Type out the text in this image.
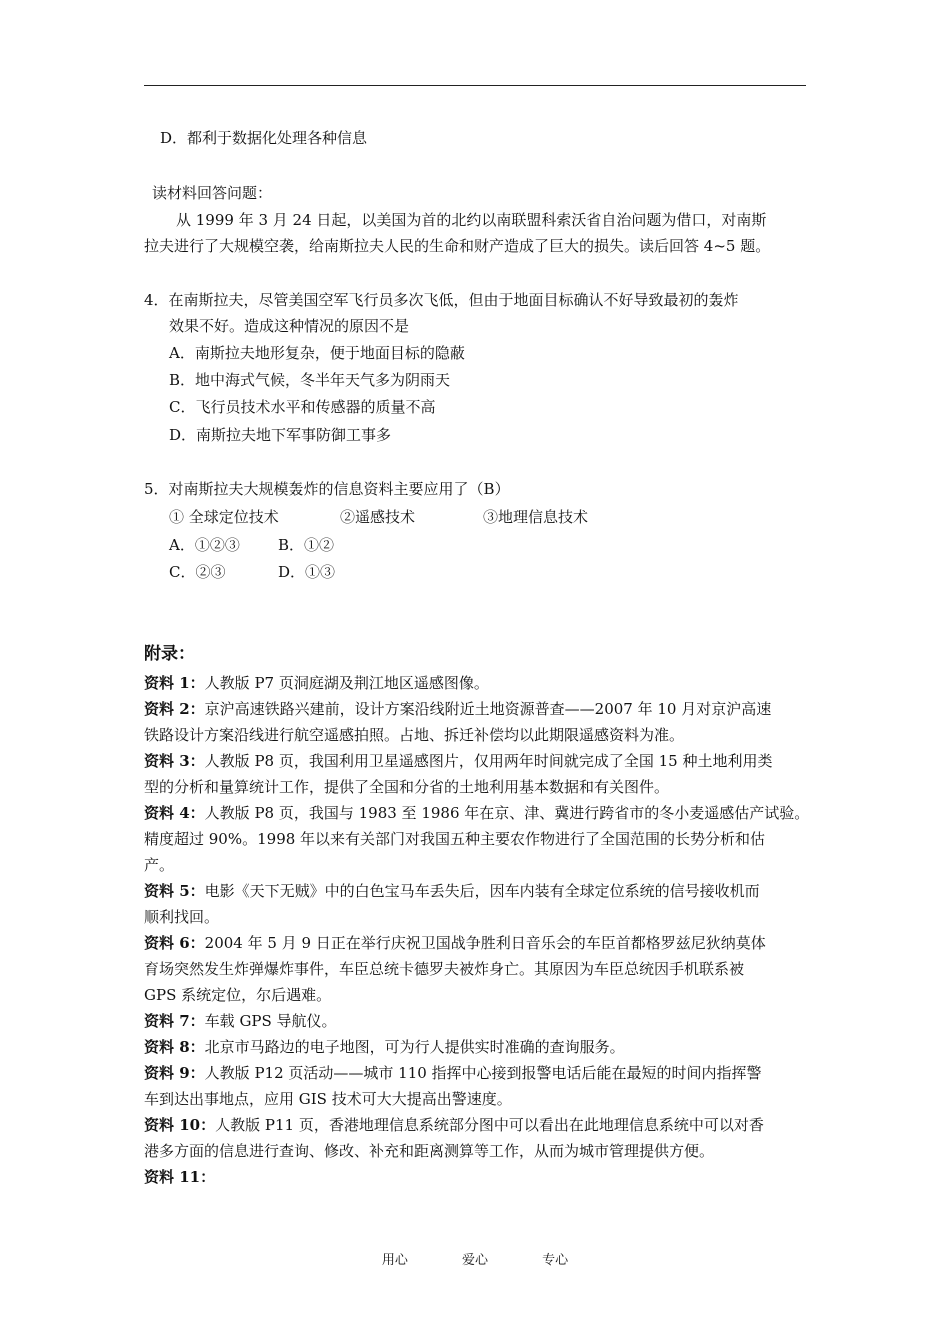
D．都利于数据化处理各种信息
读材料回答问题：
从 1999 年 3 月 24 日起，以美国为首的北约以南联盟科索沃省自治问题为借口，对南斯
拉夫进行了大规模空袭，给南斯拉夫人民的生命和财产造成了巨大的损失。读后回答 4~5 题。
4．在南斯拉夫，尽管美国空军飞行员多次飞低，但由于地面目标确认不好导致最初的轰炸
效果不好。造成这种情况的原因不是
A．南斯拉夫地形复杂，便于地面目标的隐蔽
B．地中海式气候，冬半年天气多为阴雨天
C．飞行员技术水平和传感器的质量不高
D．南斯拉夫地下军事防御工事多
5．对南斯拉夫大规模轰炸的信息资料主要应用了（B）
① 全球定位技术	②遥感技术	③地理信息技术
A．①②③	B．①②
C．②③	D．①③
附录：
资料 1：人教版 P7 页洞庭湖及荆江地区遥感图像。
资料 2：京沪高速铁路兴建前，设计方案沿线附近土地资源普查——2007 年 10 月对京沪高速
铁路设计方案沿线进行航空遥感拍照。占地、拆迁补偿均以此期限遥感资料为准。
资料 3：人教版 P8 页，我国利用卫星遥感图片，仅用两年时间就完成了全国 15 种土地利用类
型的分析和量算统计工作，提供了全国和分省的土地利用基本数据和有关图件。
资料 4：人教版 P8 页，我国与 1983 至 1986 年在京、津、冀进行跨省市的冬小麦遥感估产试验。
精度超过 90%。1998 年以来有关部门对我国五种主要农作物进行了全国范围的长势分析和估
产。
资料 5：电影《天下无贼》中的白色宝马车丢失后，因车内装有全球定位系统的信号接收机而
顺利找回。
资料 6：2004 年 5 月 9 日正在举行庆祝卫国战争胜利日音乐会的车臣首都格罗兹尼狄纳莫体
育场突然发生炸弹爆炸事件，车臣总统卡德罗夫被炸身亡。其原因为车臣总统因手机联系被
GPS 系统定位，尔后遇难。
资料 7：车载 GPS 导航仪。
资料 8：北京市马路边的电子地图，可为行人提供实时准确的查询服务。
资料 9：人教版 P12 页活动——城市 110 指挥中心接到报警电话后能在最短的时间内指挥警
车到达出事地点，应用 GIS 技术可大大提高出警速度。
资料 10：人教版 P11 页，香港地理信息系统部分图中可以看出在此地理信息系统中可以对香
港多方面的信息进行查询、修改、补充和距离测算等工作，从而为城市管理提供方便。
资料 11：
用心	爱心	专心
